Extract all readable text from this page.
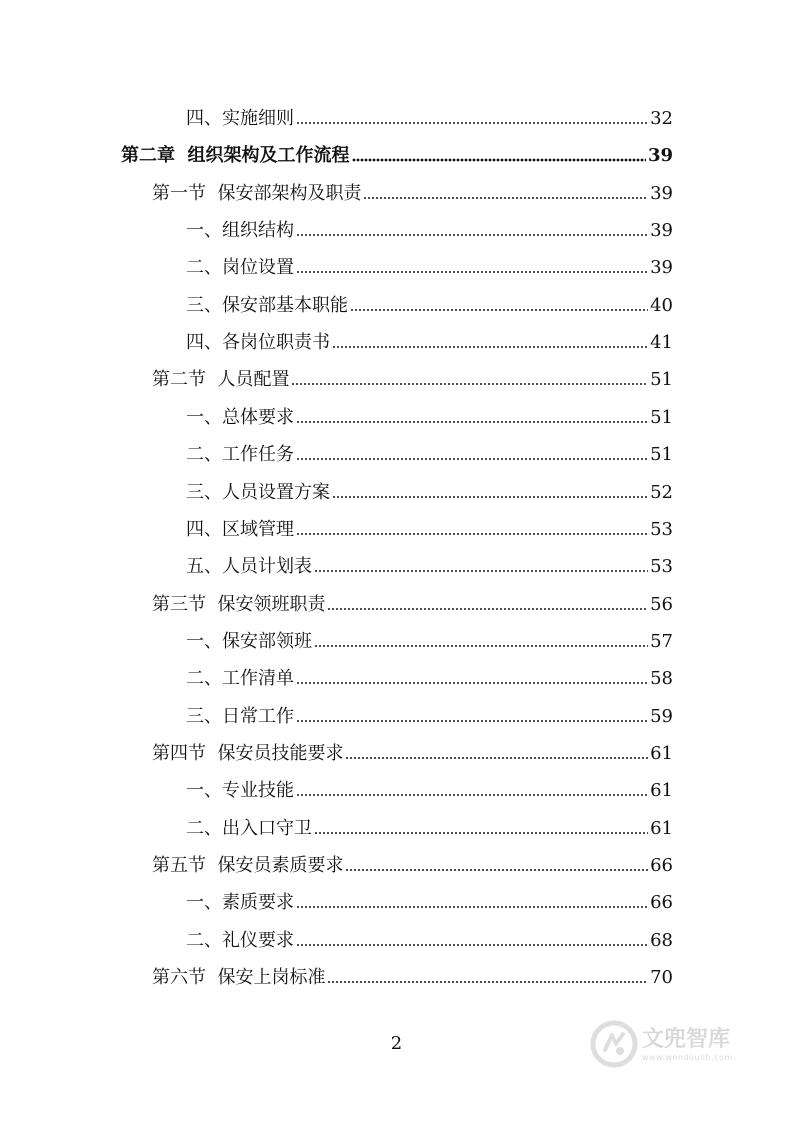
四、实施细则	32
第二章  组织架构及工作流程	39
第一节  保安部架构及职责	39
一、组织结构	39
二、岗位设置	39
三、保安部基本职能	40
四、各岗位职责书	41
第二节  人员配置	51
一、总体要求	51
二、工作任务	51
三、人员设置方案	52
四、区域管理	53
五、人员计划表	53
第三节  保安领班职责	56
一、保安部领班	57
二、工作清单	58
三、日常工作	59
第四节  保安员技能要求	61
一、专业技能	61
二、出入口守卫	61
第五节  保安员素质要求	66
一、素质要求	66
二、礼仪要求	68
第六节  保安上岗标准	70
2	文兜智库
www.wendoulib.com
